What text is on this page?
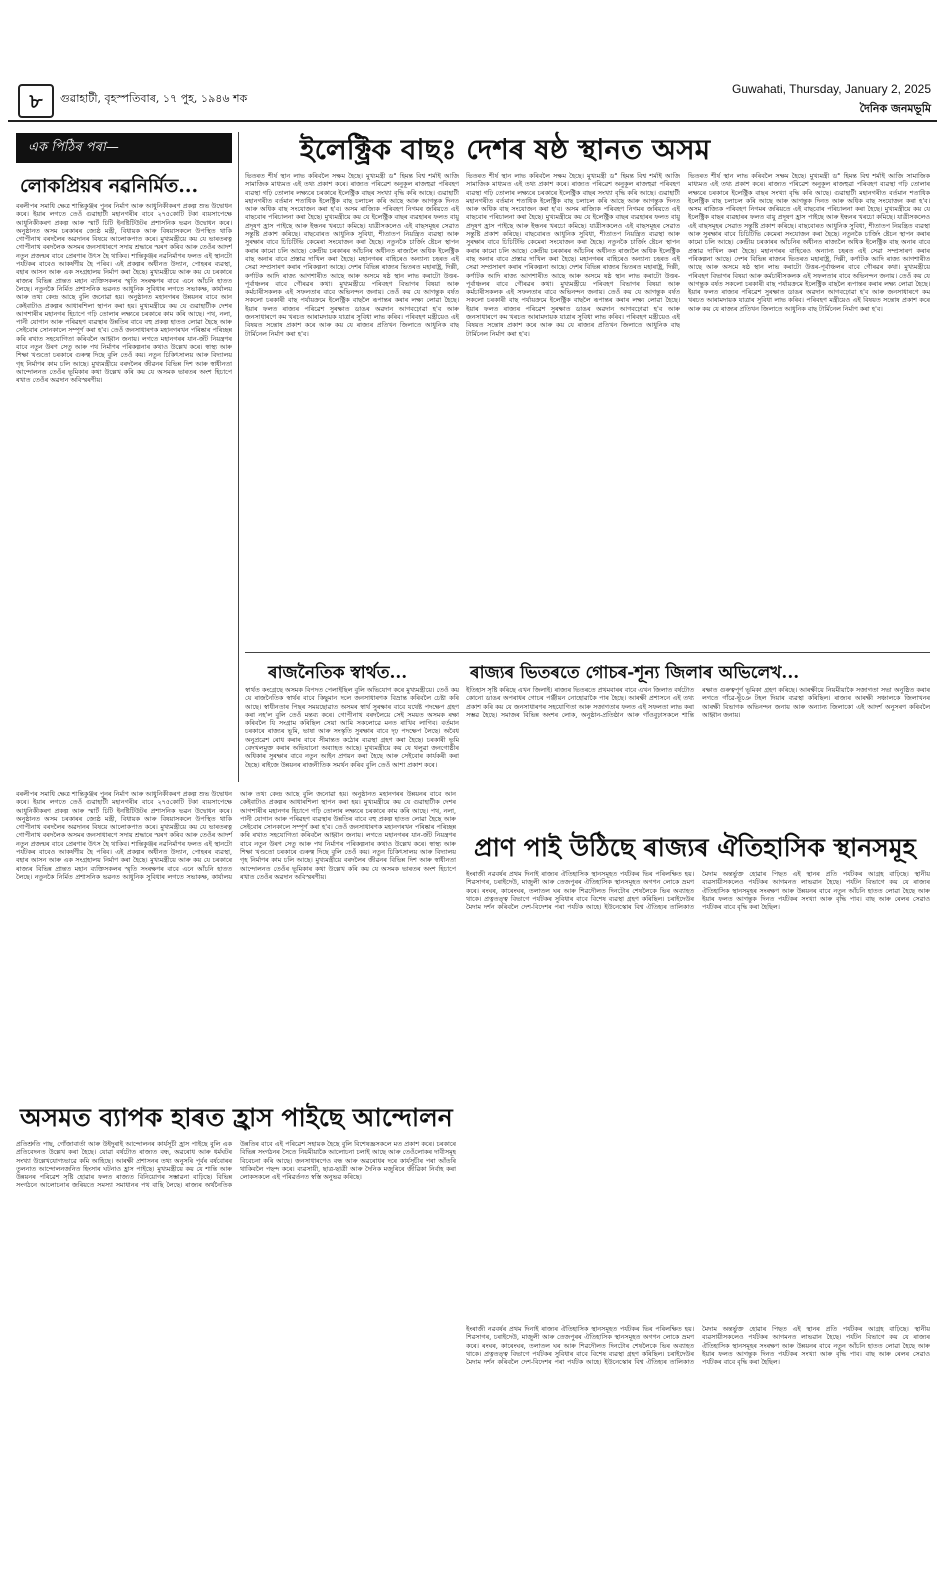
৮	গুৱাহাটী, বৃহস্পতিবাৰ, ১৭ পুহ, ১৯৪৬ শক
Guwahati, Thursday, January 2, 2025
দৈনিক জনমভূমি
এক পিঠিৰ পৰা—	ইলেক্ট্ৰিক বাছঃ দেশৰ ষষ্ঠ স্থানত অসম
লোকপ্ৰিয়ৰ নৱনিৰ্মিত...

বৰলীপৰ সমাধি ক্ষেত্ৰ শান্তিকুঞ্জৰ পুনৰ নিৰ্মাণ আৰু আধুনিকীকৰণ প্ৰকল্প শুভ উদ্বোধন কৰে। ইয়াৰ লগতে তেওঁ গুৱাহাটী মহানগৰীৰ বাবে ২৭৫কোটি টকা ব্যয়সাপেক্ষে আধুনিকীকৰণ প্ৰকল্প আৰু স্মাৰ্ট চিটি ইনষ্টিটিউটৰ প্ৰশাসনিক ভৱন উদ্বোধন কৰে। অনুষ্ঠানত অসম চৰকাৰৰ জ্যেষ্ঠ মন্ত্ৰী, বিধায়ক আৰু বিষয়াসকলে উপস্থিত থাকি গোপীনাথ বৰদলৈৰ অৱদানৰ বিষয়ে আলোকপাত কৰে। মুখ্যমন্ত্ৰীয়ে কয় যে ভাৰতৰত্ন গোপীনাথ বৰদলৈক অসমৰ জনসাধাৰণে সদায় শ্ৰদ্ধাৰে স্মৰণ কৰিব আৰু তেওঁৰ আদৰ্শ নতুন প্ৰজন্মৰ বাবে প্ৰেৰণাৰ উৎস হৈ থাকিব। শান্তিকুঞ্জৰ নৱনিৰ্মাণৰ ফলত এই স্থানটো পৰ্যটকৰ বাবেও আকৰ্ষণীয় হৈ পৰিব। এই প্ৰকল্পৰ অধীনত উদ্যান, পোহৰৰ ব্যৱস্থা, বহাৰ আসন আৰু এক সংগ্ৰহালয় নিৰ্মাণ কৰা হৈছে। মুখ্যমন্ত্ৰীয়ে আৰু কয় যে চৰকাৰে ৰাজ্যৰ বিভিন্ন প্ৰান্তত মহান ব্যক্তিসকলৰ স্মৃতি সংৰক্ষণৰ বাবে এনে আঁচনি হাতত লৈছে। নতুনকৈ নিৰ্মিত প্ৰশাসনিক ভৱনত আধুনিক সুবিধাৰ লগতে সভাকক্ষ, কাৰ্যালয় আৰু তথ্য কেন্দ্ৰ আছে বুলি জনোৱা হয়। অনুষ্ঠানত মহানগৰৰ উন্নয়নৰ বাবে আন কেইবাটাও প্ৰকল্পৰ আধাৰশিলা স্থাপন কৰা হয়। মুখ্যমন্ত্ৰীয়ে কয় যে গুৱাহাটীক দেশৰ আগশাৰীৰ মহানগৰ হিচাপে গঢ়ি তোলাৰ লক্ষ্যৰে চৰকাৰে কাম কৰি আছে। পথ, নলা, পানী যোগান আৰু পৰিৱহণ ব্যৱস্থাৰ উন্নতিৰ বাবে বহু প্ৰকল্প হাতত লোৱা হৈছে আৰু সেইবোৰ সোনকালে সম্পূৰ্ণ কৰা হ'ব। তেওঁ জনসাধাৰণক মহানগৰখন পৰিষ্কাৰ পৰিচ্ছন্ন কৰি ৰখাত সহযোগিতা কৰিবলৈ আহ্বান জনায়। লগতে মহানগৰৰ যান-জঁট নিয়ন্ত্ৰণৰ বাবে নতুন উৰণ সেতু আৰু পথ নিৰ্মাণৰ পৰিকল্পনাৰ কথাও উল্লেখ কৰে। স্বাস্থ্য আৰু শিক্ষা খণ্ডতো চৰকাৰে গুৰুত্ব দিছে বুলি তেওঁ কয়। নতুন চিকিৎসালয় আৰু বিদ্যালয় গৃহ নিৰ্মাণৰ কাম চলি আছে। মুখ্যমন্ত্ৰীয়ে বৰদলৈৰ জীৱনৰ বিভিন্ন দিশ আৰু স্বাধীনতা আন্দোলনত তেওঁৰ ভূমিকাৰ কথা উল্লেখ কৰি কয় যে অসমক ভাৰতৰ অংশ হিচাপে ৰখাত তেওঁৰ অৱদান অবিস্মৰণীয়।

ভিতৰত শীৰ্ষ স্থান লাভ কৰিবলৈ সক্ষম হৈছে। মুখ্যমন্ত্ৰী ড° হিমন্ত বিশ্ব শৰ্মাই আজি সামাজিক মাধ্যমত এই তথ্য প্ৰকাশ কৰে। ৰাজ্যত পৰিৱেশ অনুকূল ৰাজহুৱা পৰিবহণ ব্যৱস্থা গঢ়ি তোলাৰ লক্ষ্যৰে চৰকাৰে ইলেক্ট্ৰিক বাছৰ সংখ্যা বৃদ্ধি কৰি আছে। গুৱাহাটী মহানগৰীত বৰ্তমান শতাধিক ইলেক্ট্ৰিক বাছ চলাচল কৰি আছে আৰু আগন্তুক দিনত আৰু অধিক বাছ সংযোজন কৰা হ'ব। অসম ৰাজ্যিক পৰিবহণ নিগমৰ জৰিয়তে এই বাছবোৰ পৰিচালনা কৰা হৈছে। মুখ্যমন্ত্ৰীয়ে কয় যে ইলেক্ট্ৰিক বাছৰ ব্যৱহাৰৰ ফলত বায়ু প্ৰদূষণ হ্ৰাস পাইছে আৰু ইন্ধনৰ খৰচো কমিছে। যাত্ৰীসকলেও এই বাছসমূহৰ সেৱাত সন্তুষ্টি প্ৰকাশ কৰিছে। বাছবোৰত আধুনিক সুবিধা, শীতাতপ নিয়ন্ত্ৰিত ব্যৱস্থা আৰু সুৰক্ষাৰ বাবে চিচিটিভি কেমেৰা সংযোজন কৰা হৈছে। নতুনকৈ চাৰ্জিং ষ্টেচন স্থাপন কৰাৰ কামো চলি আছে। কেন্দ্ৰীয় চৰকাৰৰ আঁচনিৰ অধীনত ৰাজ্যলৈ অধিক ইলেক্ট্ৰিক বাছ অনাৰ বাবে প্ৰস্তাৱ দাখিল কৰা হৈছে। মহানগৰৰ বাহিৰেও অন্যান্য চহৰত এই সেৱা সম্প্ৰসাৰণ কৰাৰ পৰিকল্পনা আছে। দেশৰ বিভিন্ন ৰাজ্যৰ ভিতৰত মহাৰাষ্ট্ৰ, দিল্লী, কৰ্ণাটক আদি ৰাজ্য আগশাৰীত আছে আৰু অসমে ষষ্ঠ স্থান লাভ কৰাটো উত্তৰ-পূৰ্বাঞ্চলৰ বাবে গৌৰৱৰ কথা। মুখ্যমন্ত্ৰীয়ে পৰিবহণ বিভাগৰ বিষয়া আৰু কৰ্মচাৰীসকলক এই সফলতাৰ বাবে অভিনন্দন জনায়। তেওঁ কয় যে আগন্তুক বৰ্ষত সকলো চৰকাৰী বাছ পৰ্যায়ক্ৰমে ইলেক্ট্ৰিক বাছলৈ ৰূপান্তৰ কৰাৰ লক্ষ্য লোৱা হৈছে। ইয়াৰ ফলত ৰাজ্যৰ পৰিৱেশ সুৰক্ষাত ডাঙৰ অৱদান আগবঢ়োৱা হ'ব আৰু জনসাধাৰণে কম খৰচত আৰামদায়ক যাত্ৰাৰ সুবিধা লাভ কৰিব। পৰিবহণ মন্ত্ৰীয়েও এই বিষয়ত সন্তোষ প্ৰকাশ কৰে আৰু কয় যে ৰাজ্যৰ প্ৰতিখন জিলাতে আধুনিক বাছ টাৰ্মিনেল নিৰ্মাণ কৰা হ'ব।

ভিতৰত শীৰ্ষ স্থান লাভ কৰিবলৈ সক্ষম হৈছে। মুখ্যমন্ত্ৰী ড° হিমন্ত বিশ্ব শৰ্মাই আজি সামাজিক মাধ্যমত এই তথ্য প্ৰকাশ কৰে। ৰাজ্যত পৰিৱেশ অনুকূল ৰাজহুৱা পৰিবহণ ব্যৱস্থা গঢ়ি তোলাৰ লক্ষ্যৰে চৰকাৰে ইলেক্ট্ৰিক বাছৰ সংখ্যা বৃদ্ধি কৰি আছে। গুৱাহাটী মহানগৰীত বৰ্তমান শতাধিক ইলেক্ট্ৰিক বাছ চলাচল কৰি আছে আৰু আগন্তুক দিনত আৰু অধিক বাছ সংযোজন কৰা হ'ব। অসম ৰাজ্যিক পৰিবহণ নিগমৰ জৰিয়তে এই বাছবোৰ পৰিচালনা কৰা হৈছে। মুখ্যমন্ত্ৰীয়ে কয় যে ইলেক্ট্ৰিক বাছৰ ব্যৱহাৰৰ ফলত বায়ু প্ৰদূষণ হ্ৰাস পাইছে আৰু ইন্ধনৰ খৰচো কমিছে। যাত্ৰীসকলেও এই বাছসমূহৰ সেৱাত সন্তুষ্টি প্ৰকাশ কৰিছে। বাছবোৰত আধুনিক সুবিধা, শীতাতপ নিয়ন্ত্ৰিত ব্যৱস্থা আৰু সুৰক্ষাৰ বাবে চিচিটিভি কেমেৰা সংযোজন কৰা হৈছে। নতুনকৈ চাৰ্জিং ষ্টেচন স্থাপন কৰাৰ কামো চলি আছে। কেন্দ্ৰীয় চৰকাৰৰ আঁচনিৰ অধীনত ৰাজ্যলৈ অধিক ইলেক্ট্ৰিক বাছ অনাৰ বাবে প্ৰস্তাৱ দাখিল কৰা হৈছে। মহানগৰৰ বাহিৰেও অন্যান্য চহৰত এই সেৱা সম্প্ৰসাৰণ কৰাৰ পৰিকল্পনা আছে। দেশৰ বিভিন্ন ৰাজ্যৰ ভিতৰত মহাৰাষ্ট্ৰ, দিল্লী, কৰ্ণাটক আদি ৰাজ্য আগশাৰীত আছে আৰু অসমে ষষ্ঠ স্থান লাভ কৰাটো উত্তৰ-পূৰ্বাঞ্চলৰ বাবে গৌৰৱৰ কথা। মুখ্যমন্ত্ৰীয়ে পৰিবহণ বিভাগৰ বিষয়া আৰু কৰ্মচাৰীসকলক এই সফলতাৰ বাবে অভিনন্দন জনায়। তেওঁ কয় যে আগন্তুক বৰ্ষত সকলো চৰকাৰী বাছ পৰ্যায়ক্ৰমে ইলেক্ট্ৰিক বাছলৈ ৰূপান্তৰ কৰাৰ লক্ষ্য লোৱা হৈছে। ইয়াৰ ফলত ৰাজ্যৰ পৰিৱেশ সুৰক্ষাত ডাঙৰ অৱদান আগবঢ়োৱা হ'ব আৰু জনসাধাৰণে কম খৰচত আৰামদায়ক যাত্ৰাৰ সুবিধা লাভ কৰিব। পৰিবহণ মন্ত্ৰীয়েও এই বিষয়ত সন্তোষ প্ৰকাশ কৰে আৰু কয় যে ৰাজ্যৰ প্ৰতিখন জিলাতে আধুনিক বাছ টাৰ্মিনেল নিৰ্মাণ কৰা হ'ব।

ভিতৰত শীৰ্ষ স্থান লাভ কৰিবলৈ সক্ষম হৈছে। মুখ্যমন্ত্ৰী ড° হিমন্ত বিশ্ব শৰ্মাই আজি সামাজিক মাধ্যমত এই তথ্য প্ৰকাশ কৰে। ৰাজ্যত পৰিৱেশ অনুকূল ৰাজহুৱা পৰিবহণ ব্যৱস্থা গঢ়ি তোলাৰ লক্ষ্যৰে চৰকাৰে ইলেক্ট্ৰিক বাছৰ সংখ্যা বৃদ্ধি কৰি আছে। গুৱাহাটী মহানগৰীত বৰ্তমান শতাধিক ইলেক্ট্ৰিক বাছ চলাচল কৰি আছে আৰু আগন্তুক দিনত আৰু অধিক বাছ সংযোজন কৰা হ'ব। অসম ৰাজ্যিক পৰিবহণ নিগমৰ জৰিয়তে এই বাছবোৰ পৰিচালনা কৰা হৈছে। মুখ্যমন্ত্ৰীয়ে কয় যে ইলেক্ট্ৰিক বাছৰ ব্যৱহাৰৰ ফলত বায়ু প্ৰদূষণ হ্ৰাস পাইছে আৰু ইন্ধনৰ খৰচো কমিছে। যাত্ৰীসকলেও এই বাছসমূহৰ সেৱাত সন্তুষ্টি প্ৰকাশ কৰিছে। বাছবোৰত আধুনিক সুবিধা, শীতাতপ নিয়ন্ত্ৰিত ব্যৱস্থা আৰু সুৰক্ষাৰ বাবে চিচিটিভি কেমেৰা সংযোজন কৰা হৈছে। নতুনকৈ চাৰ্জিং ষ্টেচন স্থাপন কৰাৰ কামো চলি আছে। কেন্দ্ৰীয় চৰকাৰৰ আঁচনিৰ অধীনত ৰাজ্যলৈ অধিক ইলেক্ট্ৰিক বাছ অনাৰ বাবে প্ৰস্তাৱ দাখিল কৰা হৈছে। মহানগৰৰ বাহিৰেও অন্যান্য চহৰত এই সেৱা সম্প্ৰসাৰণ কৰাৰ পৰিকল্পনা আছে। দেশৰ বিভিন্ন ৰাজ্যৰ ভিতৰত মহাৰাষ্ট্ৰ, দিল্লী, কৰ্ণাটক আদি ৰাজ্য আগশাৰীত আছে আৰু অসমে ষষ্ঠ স্থান লাভ কৰাটো উত্তৰ-পূৰ্বাঞ্চলৰ বাবে গৌৰৱৰ কথা। মুখ্যমন্ত্ৰীয়ে পৰিবহণ বিভাগৰ বিষয়া আৰু কৰ্মচাৰীসকলক এই সফলতাৰ বাবে অভিনন্দন জনায়। তেওঁ কয় যে আগন্তুক বৰ্ষত সকলো চৰকাৰী বাছ পৰ্যায়ক্ৰমে ইলেক্ট্ৰিক বাছলৈ ৰূপান্তৰ কৰাৰ লক্ষ্য লোৱা হৈছে। ইয়াৰ ফলত ৰাজ্যৰ পৰিৱেশ সুৰক্ষাত ডাঙৰ অৱদান আগবঢ়োৱা হ'ব আৰু জনসাধাৰণে কম খৰচত আৰামদায়ক যাত্ৰাৰ সুবিধা লাভ কৰিব। পৰিবহণ মন্ত্ৰীয়েও এই বিষয়ত সন্তোষ প্ৰকাশ কৰে আৰু কয় যে ৰাজ্যৰ প্ৰতিখন জিলাতে আধুনিক বাছ টাৰ্মিনেল নিৰ্মাণ কৰা হ'ব।

ৰাজনৈতিক স্বাৰ্থত...

স্বাৰ্থত কংগ্ৰেছে অসমক বিপদত পেলাইছিল বুলি অভিযোগ কৰে মুখ্যমন্ত্ৰীয়ে। তেওঁ কয় যে ৰাজনৈতিক স্বাৰ্থৰ বাবে কিছুমান দলে জনসাধাৰণক বিভ্ৰান্ত কৰিবলৈ চেষ্টা কৰি আছে। স্বাধীনতাৰ পিছৰ সময়ছোৱাত অসমৰ স্বাৰ্থ সুৰক্ষাৰ বাবে যথেষ্ট পদক্ষেপ গ্ৰহণ কৰা নহ'ল বুলি তেওঁ মন্তব্য কৰে। গোপীনাথ বৰদলৈয়ে সেই সময়ত অসমক ৰক্ষা কৰিবলৈ যি সংগ্ৰাম কৰিছিল সেয়া আমি সকলোৱে মনত ৰাখিব লাগিব। বৰ্তমান চৰকাৰে ৰাজ্যৰ ভূমি, ভাষা আৰু সংস্কৃতি সুৰক্ষাৰ বাবে দৃঢ় পদক্ষেপ লৈছে। অবৈধ অনুপ্ৰৱেশ ৰোধ কৰাৰ বাবে সীমান্তত কঠোৰ ব্যৱস্থা গ্ৰহণ কৰা হৈছে। চৰকাৰী ভূমি বেদখলমুক্ত কৰাৰ অভিযানো অব্যাহত আছে। মুখ্যমন্ত্ৰীয়ে কয় যে থলুৱা জনগোষ্ঠীৰ অধিকাৰ সুৰক্ষাৰ বাবে নতুন আইন প্ৰণয়ন কৰা হৈছে আৰু সেইবোৰ কাৰ্যকৰী কৰা হৈছে। ৰাইজে উন্নয়নৰ ৰাজনীতিক সমৰ্থন কৰিব বুলি তেওঁ আশা প্ৰকাশ কৰে।

ৰাজ্যৰ ভিতৰতে গোচৰ-শূন্য জিলাৰ অভিলেখ...

ইতিহাস সৃষ্টি কৰিছে এখন জিলাই। ৰাজ্যৰ ভিতৰতে প্ৰথমবাৰৰ বাবে এখন জিলাত বৰ্ষটোত কোনো ডাঙৰ অপৰাধৰ গোচৰ পঞ্জীয়ন নোহোৱাকৈ পাৰ হৈছে। আৰক্ষী প্ৰশাসনে এই তথ্য প্ৰকাশ কৰি কয় যে জনসাধাৰণৰ সহযোগিতা আৰু সজাগতাৰ ফলত এই সফলতা লাভ কৰা সম্ভৱ হৈছে। সমাজৰ বিভিন্ন অংশৰ লোক, অনুষ্ঠান-প্ৰতিষ্ঠান আৰু গাঁওবুঢ়াসকলে শান্তি ৰক্ষাত গুৰুত্বপূৰ্ণ ভূমিকা গ্ৰহণ কৰিছে। আৰক্ষীয়ে নিয়মীয়াকৈ সজাগতা সভা অনুষ্ঠিত কৰাৰ লগতে গাঁৱে-ভূঁঞে টহল দিয়াৰ ব্যৱস্থা কৰিছিল। ৰাজ্যৰ আৰক্ষী সঞ্চালকে জিলাখনৰ আৰক্ষী বিভাগক অভিনন্দন জনায় আৰু অন্যান্য জিলাকো এই আদৰ্শ অনুসৰণ কৰিবলৈ আহ্বান জনায়।

প্ৰাণ পাই উঠিছে ৰাজ্যৰ ঐতিহাসিক স্থানসমূহ

ইংৰাজী নৱবৰ্ষৰ প্ৰথম দিনাই ৰাজ্যৰ ঐতিহাসিক স্থানসমূহত পৰ্যটকৰ ভিৰ পৰিলক্ষিত হয়। শিৱসাগৰ, চৰাইদেউ, মাজুলী আৰু তেজপুৰৰ ঐতিহাসিক স্থানসমূহত অগণন লোকে ভ্ৰমণ কৰে। ৰংঘৰ, কাৰেংঘৰ, তলাতল ঘৰ আৰু শিৱদৌলত দিনটোৰ শেষলৈকে ভিৰ অব্যাহত থাকে। প্ৰত্নতত্ত্ব বিভাগে পৰ্যটকৰ সুবিধাৰ বাবে বিশেষ ব্যৱস্থা গ্ৰহণ কৰিছিল। চৰাইদেউৰ মৈদাম দৰ্শন কৰিবলৈ দেশ-বিদেশৰ পৰা পৰ্যটক আহে। ইউনেস্কোৰ বিশ্ব ঐতিহ্যৰ তালিকাত মৈদাম অন্তৰ্ভুক্ত হোৱাৰ পিছত এই স্থানৰ প্ৰতি পৰ্যটকৰ আগ্ৰহ বাঢ়িছে। স্থানীয় ব্যৱসায়ীসকলেও পৰ্যটকৰ আগমনত লাভৱান হৈছে। পৰ্যটন বিভাগে কয় যে ৰাজ্যৰ ঐতিহাসিক স্থানসমূহৰ সংৰক্ষণ আৰু উন্নয়নৰ বাবে নতুন আঁচনি হাতত লোৱা হৈছে আৰু ইয়াৰ ফলত আগন্তুক দিনত পৰ্যটকৰ সংখ্যা আৰু বৃদ্ধি পাব। বাছ আৰু ৰেলৰ সেৱাও পৰ্যটকৰ বাবে বৃদ্ধি কৰা হৈছিল।

বৰলীপৰ সমাধি ক্ষেত্ৰ শান্তিকুঞ্জৰ পুনৰ নিৰ্মাণ আৰু আধুনিকীকৰণ প্ৰকল্প শুভ উদ্বোধন কৰে। ইয়াৰ লগতে তেওঁ গুৱাহাটী মহানগৰীৰ বাবে ২৭৫কোটি টকা ব্যয়সাপেক্ষে আধুনিকীকৰণ প্ৰকল্প আৰু স্মাৰ্ট চিটি ইনষ্টিটিউটৰ প্ৰশাসনিক ভৱন উদ্বোধন কৰে। অনুষ্ঠানত অসম চৰকাৰৰ জ্যেষ্ঠ মন্ত্ৰী, বিধায়ক আৰু বিষয়াসকলে উপস্থিত থাকি গোপীনাথ বৰদলৈৰ অৱদানৰ বিষয়ে আলোকপাত কৰে। মুখ্যমন্ত্ৰীয়ে কয় যে ভাৰতৰত্ন গোপীনাথ বৰদলৈক অসমৰ জনসাধাৰণে সদায় শ্ৰদ্ধাৰে স্মৰণ কৰিব আৰু তেওঁৰ আদৰ্শ নতুন প্ৰজন্মৰ বাবে প্ৰেৰণাৰ উৎস হৈ থাকিব। শান্তিকুঞ্জৰ নৱনিৰ্মাণৰ ফলত এই স্থানটো পৰ্যটকৰ বাবেও আকৰ্ষণীয় হৈ পৰিব। এই প্ৰকল্পৰ অধীনত উদ্যান, পোহৰৰ ব্যৱস্থা, বহাৰ আসন আৰু এক সংগ্ৰহালয় নিৰ্মাণ কৰা হৈছে। মুখ্যমন্ত্ৰীয়ে আৰু কয় যে চৰকাৰে ৰাজ্যৰ বিভিন্ন প্ৰান্তত মহান ব্যক্তিসকলৰ স্মৃতি সংৰক্ষণৰ বাবে এনে আঁচনি হাতত লৈছে। নতুনকৈ নিৰ্মিত প্ৰশাসনিক ভৱনত আধুনিক সুবিধাৰ লগতে সভাকক্ষ, কাৰ্যালয় আৰু তথ্য কেন্দ্ৰ আছে বুলি জনোৱা হয়। অনুষ্ঠানত মহানগৰৰ উন্নয়নৰ বাবে আন কেইবাটাও প্ৰকল্পৰ আধাৰশিলা স্থাপন কৰা হয়। মুখ্যমন্ত্ৰীয়ে কয় যে গুৱাহাটীক দেশৰ আগশাৰীৰ মহানগৰ হিচাপে গঢ়ি তোলাৰ লক্ষ্যৰে চৰকাৰে কাম কৰি আছে। পথ, নলা, পানী যোগান আৰু পৰিৱহণ ব্যৱস্থাৰ উন্নতিৰ বাবে বহু প্ৰকল্প হাতত লোৱা হৈছে আৰু সেইবোৰ সোনকালে সম্পূৰ্ণ কৰা হ'ব। তেওঁ জনসাধাৰণক মহানগৰখন পৰিষ্কাৰ পৰিচ্ছন্ন কৰি ৰখাত সহযোগিতা কৰিবলৈ আহ্বান জনায়। লগতে মহানগৰৰ যান-জঁট নিয়ন্ত্ৰণৰ বাবে নতুন উৰণ সেতু আৰু পথ নিৰ্মাণৰ পৰিকল্পনাৰ কথাও উল্লেখ কৰে। স্বাস্থ্য আৰু শিক্ষা খণ্ডতো চৰকাৰে গুৰুত্ব দিছে বুলি তেওঁ কয়। নতুন চিকিৎসালয় আৰু বিদ্যালয় গৃহ নিৰ্মাণৰ কাম চলি আছে। মুখ্যমন্ত্ৰীয়ে বৰদলৈৰ জীৱনৰ বিভিন্ন দিশ আৰু স্বাধীনতা আন্দোলনত তেওঁৰ ভূমিকাৰ কথা উল্লেখ কৰি কয় যে অসমক ভাৰতৰ অংশ হিচাপে ৰখাত তেওঁৰ অৱদান অবিস্মৰণীয়।

অসমত ব্যাপক হাৰত হ্ৰাস পাইছে আন্দোলন

প্ৰতিশ্ৰুতি পাছ, গোঁজাবাৰ্তা আৰু উইদুৰাই আন্দোলনৰ কাৰ্যসূচী হ্ৰাস পাইছে বুলি এক প্ৰতিবেদনত উল্লেখ কৰা হৈছে। যোৱা বৰ্ষটোত ৰাজ্যত বন্ধ, অৱৰোধ আৰু ধৰ্মঘটৰ সংখ্যা উল্লেখযোগ্যভাৱে কমি আহিছে। আৰক্ষী প্ৰশাসনৰ তথ্য অনুসৰি পূৰ্বৰ বৰ্ষবোৰৰ তুলনাত আন্দোলনজনিত হিংসাৰ ঘটনাও হ্ৰাস পাইছে। মুখ্যমন্ত্ৰীয়ে কয় যে শান্তি আৰু উন্নয়নৰ পৰিৱেশ সৃষ্টি হোৱাৰ ফলত ৰাজ্যত বিনিয়োগৰ সম্ভাৱনা বাঢ়িছে। বিভিন্ন সংগঠনে আলোচনাৰ জৰিয়তে সমস্যা সমাধানৰ পথ বাছি লৈছে। ৰাজ্যৰ অৰ্থনৈতিক উন্নতিৰ বাবে এই পৰিৱেশ সহায়ক হৈছে বুলি বিশেষজ্ঞসকলে মত প্ৰকাশ কৰে। চৰকাৰে বিভিন্ন সংগঠনৰ সৈতে নিয়মীয়াকৈ আলোচনা চলাই আছে আৰু তেওঁলোকৰ দাবীসমূহ বিবেচনা কৰি আছে। জনসাধাৰণেও বন্ধ আৰু অৱৰোধৰ দৰে কাৰ্যসূচীৰ পৰা আঁতৰি থাকিবলৈ পছন্দ কৰে। ব্যৱসায়ী, ছাত্ৰ-ছাত্ৰী আৰু দৈনিক মজুৰিৰে জীৱিকা নিৰ্বাহ কৰা লোকসকলে এই পৰিৱৰ্তনত স্বস্তি অনুভৱ কৰিছে।

ইংৰাজী নৱবৰ্ষৰ প্ৰথম দিনাই ৰাজ্যৰ ঐতিহাসিক স্থানসমূহত পৰ্যটকৰ ভিৰ পৰিলক্ষিত হয়। শিৱসাগৰ, চৰাইদেউ, মাজুলী আৰু তেজপুৰৰ ঐতিহাসিক স্থানসমূহত অগণন লোকে ভ্ৰমণ কৰে। ৰংঘৰ, কাৰেংঘৰ, তলাতল ঘৰ আৰু শিৱদৌলত দিনটোৰ শেষলৈকে ভিৰ অব্যাহত থাকে। প্ৰত্নতত্ত্ব বিভাগে পৰ্যটকৰ সুবিধাৰ বাবে বিশেষ ব্যৱস্থা গ্ৰহণ কৰিছিল। চৰাইদেউৰ মৈদাম দৰ্শন কৰিবলৈ দেশ-বিদেশৰ পৰা পৰ্যটক আহে। ইউনেস্কোৰ বিশ্ব ঐতিহ্যৰ তালিকাত মৈদাম অন্তৰ্ভুক্ত হোৱাৰ পিছত এই স্থানৰ প্ৰতি পৰ্যটকৰ আগ্ৰহ বাঢ়িছে। স্থানীয় ব্যৱসায়ীসকলেও পৰ্যটকৰ আগমনত লাভৱান হৈছে। পৰ্যটন বিভাগে কয় যে ৰাজ্যৰ ঐতিহাসিক স্থানসমূহৰ সংৰক্ষণ আৰু উন্নয়নৰ বাবে নতুন আঁচনি হাতত লোৱা হৈছে আৰু ইয়াৰ ফলত আগন্তুক দিনত পৰ্যটকৰ সংখ্যা আৰু বৃদ্ধি পাব। বাছ আৰু ৰেলৰ সেৱাও পৰ্যটকৰ বাবে বৃদ্ধি কৰা হৈছিল।
